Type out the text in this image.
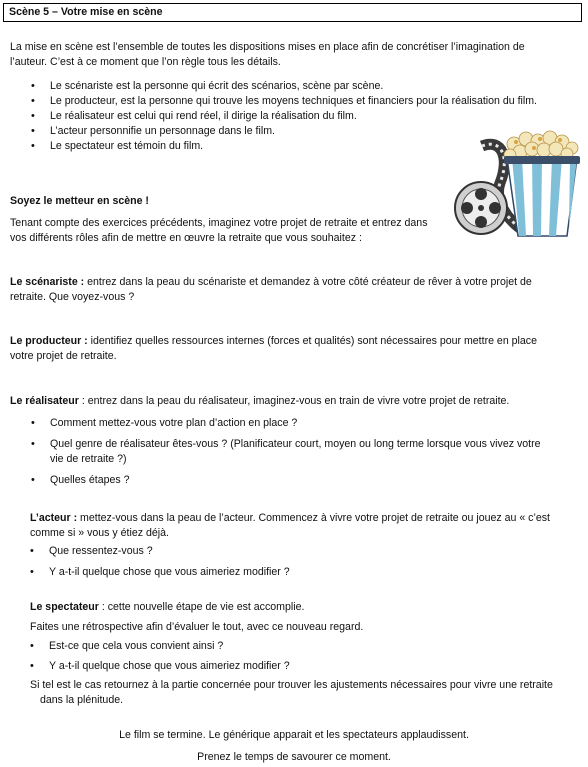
Scène 5 – Votre mise en scène

La mise en scène est l’ensemble de toutes les dispositions mises en place afin de concrétiser l’imagination de l’auteur. C’est à ce moment que l’on règle tous les détails.

• Le scénariste est la personne qui écrit des scénarios, scène par scène.
• Le producteur, est la personne qui trouve les moyens techniques et financiers pour la réalisation du film.
• Le réalisateur est celui qui rend réel, il dirige la réalisation du film.
• L’acteur personnifie un personnage dans le film.
• Le spectateur est témoin du film.

Soyez le metteur en scène !

Tenant compte des exercices précédents, imaginez votre projet de retraite et entrez dans vos différents rôles afin de mettre en œuvre la retraite que vous souhaitez :

Le scénariste : entrez dans la peau du scénariste et demandez à votre côté créateur de rêver à votre projet de retraite. Que voyez-vous ?

Le producteur : identifiez quelles ressources internes (forces et qualités) sont nécessaires pour mettre en place votre projet de retraite.

Le réalisateur : entrez dans la peau du réalisateur, imaginez-vous en train de vivre votre projet de retraite.

• Comment mettez-vous votre plan d’action en place ?
• Quel genre de réalisateur êtes-vous ? (Planificateur court, moyen ou long terme lorsque vous vivez votre vie de retraite ?)
• Quelles étapes ?

L’acteur : mettez-vous dans la peau de l’acteur. Commencez à vivre votre projet de retraite ou jouez au « c’est comme si » vous y étiez déjà.

• Que ressentez-vous ?
• Y a-t-il quelque chose que vous aimeriez modifier ?

Le spectateur : cette nouvelle étape de vie est accomplie.

Faites une rétrospective afin d’évaluer le tout, avec ce nouveau regard.

• Est-ce que cela vous convient ainsi ?
• Y a-t-il quelque chose que vous aimeriez modifier ?

Si tel est le cas retournez à la partie concernée pour trouver les ajustements nécessaires pour vivre une retraite dans la plénitude.

Le film se termine. Le générique apparait et les spectateurs applaudissent.

Prenez le temps de savourer ce moment.
